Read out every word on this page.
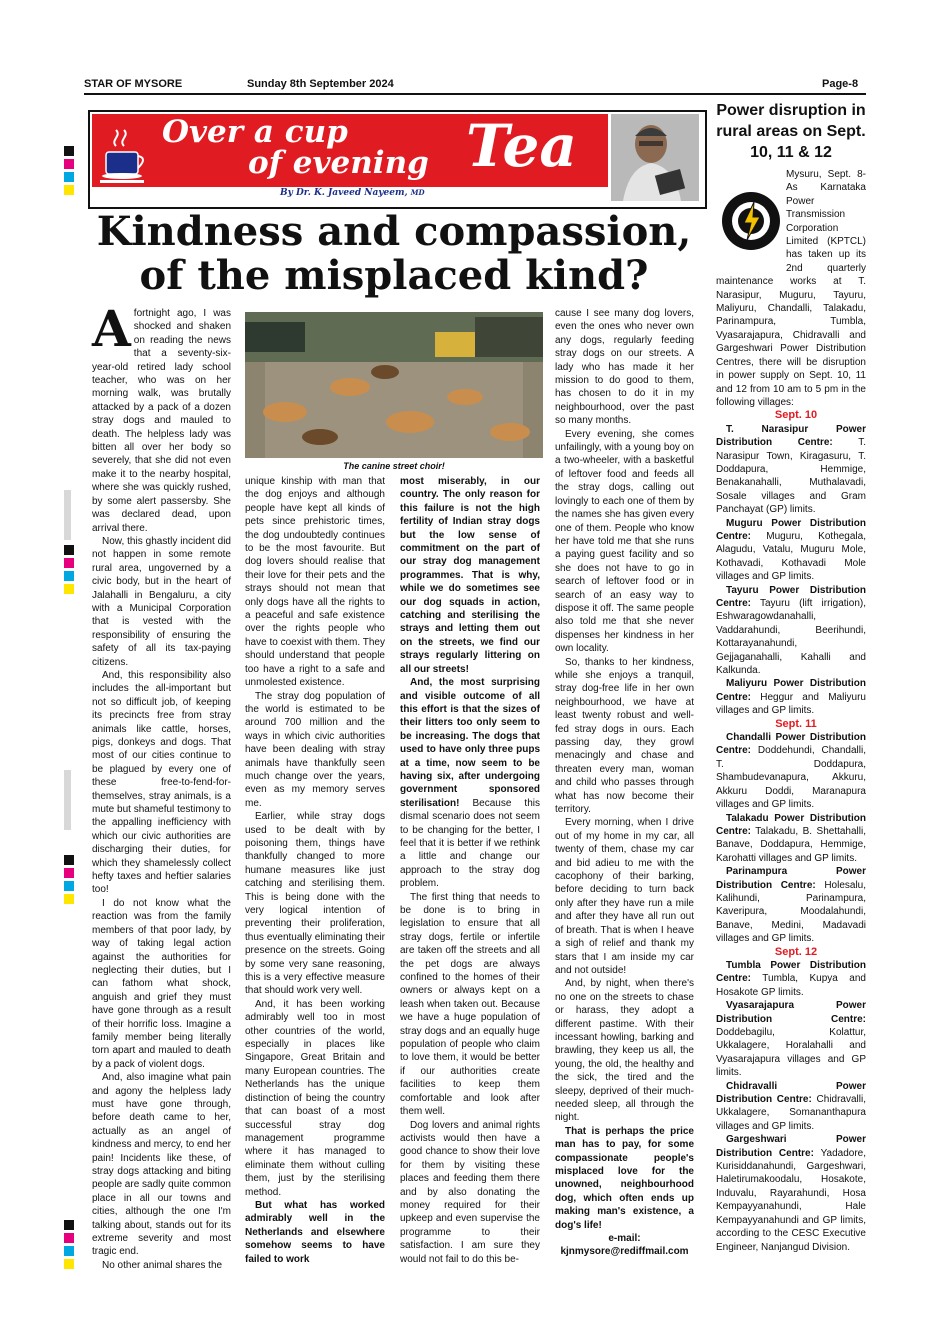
STAR OF MYSORE	Sunday 8th September 2024	Page-8
Over a cup
of evening Tea
By Dr. K. Javeed Nayeem, MD
Kindness and compassion,
of the misplaced kind?
A fortnight ago, I was shocked and shaken on reading the news that a seventy-six-year-old retired lady school teacher, who was on her morning walk, was brutally attacked by a pack of a dozen stray dogs and mauled to death. The helpless lady was bitten all over her body so severely, that she did not even make it to the nearby hospital, where she was quickly rushed, by some alert passersby. She was declared dead, upon arrival there.

Now, this ghastly incident did not happen in some remote rural area, ungoverned by a civic body, but in the heart of Jalahalli in Bengaluru, a city with a Municipal Corporation that is vested with the responsibility of ensuring the safety of all its tax-paying citizens.

And, this responsibility also includes the all-important but not so difficult job, of keeping its precincts free from stray animals like cattle, horses, pigs, donkeys and dogs. That most of our cities continue to be plagued by every one of these free-to-fend-for-themselves, stray animals, is a mute but shameful testimony to the appalling inefficiency with which our civic authorities are discharging their duties, for which they shamelessly collect hefty taxes and heftier salaries too!

I do not know what the reaction was from the family members of that poor lady, by way of taking legal action against the authorities for neglecting their duties, but I can fathom what shock, anguish and grief they must have gone through as a result of their horrific loss. Imagine a family member being literally torn apart and mauled to death by a pack of violent dogs.

And, also imagine what pain and agony the helpless lady must have gone through, before death came to her, actually as an angel of kindness and mercy, to end her pain! Incidents like these, of stray dogs attacking and biting people are sadly quite common place in all our towns and cities, although the one I'm talking about, stands out for its extreme severity and most tragic end.

No other animal shares the

The canine street choir!

unique kinship with man that the dog enjoys and although people have kept all kinds of pets since prehistoric times, the dog undoubtedly continues to be the most favourite. But dog lovers should realise that their love for their pets and the strays should not mean that only dogs have all the rights to a peaceful and safe existence over the rights people who have to coexist with them. They should understand that people too have a right to a safe and unmolested existence.

The stray dog population of the world is estimated to be around 700 million and the ways in which civic authorities have been dealing with stray animals have thankfully seen much change over the years, even as my memory serves me.

Earlier, while stray dogs used to be dealt with by poisoning them, things have thankfully changed to more humane measures like just catching and sterilising them. This is being done with the very logical intention of preventing their proliferation, thus eventually eliminating their presence on the streets. Going by some very sane reasoning, this is a very effective measure that should work very well.

And, it has been working admirably well too in most other countries of the world, especially in places like Singapore, Great Britain and many European countries. The Netherlands has the unique distinction of being the country that can boast of a most successful stray dog management programme where it has managed to eliminate them without culling them, just by the sterilising method.

But what has worked admirably well in the Netherlands and elsewhere somehow seems to have failed to work

most miserably, in our country. The only reason for this failure is not the high fertility of Indian stray dogs but the low sense of commitment on the part of our stray dog management programmes. That is why, while we do sometimes see our dog squads in action, catching and sterilising the strays and letting them out on the streets, we find our strays regularly littering on all our streets!

And, the most surprising and visible outcome of all this effort is that the sizes of their litters too only seem to be increasing. The dogs that used to have only three pups at a time, now seem to be having six, after undergoing government sponsored sterilisation! Because this dismal scenario does not seem to be changing for the better, I feel that it is better if we rethink a little and change our approach to the stray dog problem.

The first thing that needs to be done is to bring in legislation to ensure that all stray dogs, fertile or infertile are taken off the streets and all the pet dogs are always confined to the homes of their owners or always kept on a leash when taken out. Because we have a huge population of stray dogs and an equally huge population of people who claim to love them, it would be better if our authorities create facilities to keep them comfortable and look after them well.

Dog lovers and animal rights activists would then have a good chance to show their love for them by visiting these places and feeding them there and by also donating the money required for their upkeep and even supervise the programme to their satisfaction. I am sure they would not fail to do this be-

cause I see many dog lovers, even the ones who never own any dogs, regularly feeding stray dogs on our streets. A lady who has made it her mission to do good to them, has chosen to do it in my neighbourhood, over the past so many months.

Every evening, she comes unfailingly, with a young boy on a two-wheeler, with a basketful of leftover food and feeds all the stray dogs, calling out lovingly to each one of them by the names she has given every one of them. People who know her have told me that she runs a paying guest facility and so she does not have to go in search of leftover food or in search of an easy way to dispose it off. The same people also told me that she never dispenses her kindness in her own locality.

So, thanks to her kindness, while she enjoys a tranquil, stray dog-free life in her own neighbourhood, we have at least twenty robust and well-fed stray dogs in ours. Each passing day, they growl menacingly and chase and threaten every man, woman and child who passes through what has now become their territory.

Every morning, when I drive out of my home in my car, all twenty of them, chase my car and bid adieu to me with the cacophony of their barking, before deciding to turn back only after they have run a mile and after they have all run out of breath. That is when I heave a sigh of relief and thank my stars that I am inside my car and not outside!

And, by night, when there's no one on the streets to chase or harass, they adopt a different pastime. With their incessant howling, barking and brawling, they keep us all, the young, the old, the healthy and the sick, the tired and the sleepy, deprived of their much-needed sleep, all through the night.

That is perhaps the price man has to pay, for some compassionate people's misplaced love for the unowned, neighbourhood dog, which often ends up making man's existence, a dog's life!

e-mail:

kjnmysore@rediffmail.com

Power disruption in rural areas on Sept. 10, 11 & 12

Mysuru, Sept. 8- As Karnataka Power Transmission Corporation Limited (KPTCL) has taken up its 2nd quarterly maintenance works at T. Narasipur, Muguru, Tayuru, Maliyuru, Chandalli, Talakadu, Parinampura, Tumbla, Vyasarajapura, Chidravalli and Gargeshwari Power Distribution Centres, there will be disruption in power supply on Sept. 10, 11 and 12 from 10 am to 5 pm in the following villages:

Sept. 10

T. Narasipur Power Distribution Centre: T. Narasipur Town, Kiragasuru, T. Doddapura, Hemmige, Benakanahalli, Muthalavadi, Sosale villages and Gram Panchayat (GP) limits.

Muguru Power Distribution Centre: Muguru, Kothegala, Alagudu, Vatalu, Muguru Mole, Kothavadi, Kothavadi Mole villages and GP limits.

Tayuru Power Distribution Centre: Tayuru (lift irrigation), Eshwaragowdanahalli, Vaddarahundi, Beerihundi, Kottarayanahundi, Gejjaganahalli, Kahalli and Kalkunda.

Maliyuru Power Distribution Centre: Heggur and Maliyuru villages and GP limits.

Sept. 11

Chandalli Power Distribution Centre: Doddehundi, Chandalli, T. Doddapura, Shambudevanapura, Akkuru, Akkuru Doddi, Maranapura villages and GP limits.

Talakadu Power Distribution Centre: Talakadu, B. Shettahalli, Banave, Doddapura, Hemmige, Karohatti villages and GP limits.

Parinampura Power Distribution Centre: Holesalu, Kalihundi, Parinampura, Kaveripura, Moodalahundi, Banave, Medini, Madavadi villages and GP limits.

Sept. 12

Tumbla Power Distribution Centre: Tumbla, Kupya and Hosakote GP limits.

Vyasarajapura Power Distribution Centre: Doddebagilu, Kolattur, Ukkalagere, Horalahalli and Vyasarajapura villages and GP limits.

Chidravalli Power Distribution Centre: Chidravalli, Ukkalagere, Somananthapura villages and GP limits.

Gargeshwari Power Distribution Centre: Yadadore, Kurisiddanahundi, Gargeshwari, Haletirumakoodalu, Hosakote, Induvalu, Rayarahundi, Hosa Kempayyanahundi, Hale Kempayyanahundi and GP limits, according to the CESC Executive Engineer, Nanjangud Division.
